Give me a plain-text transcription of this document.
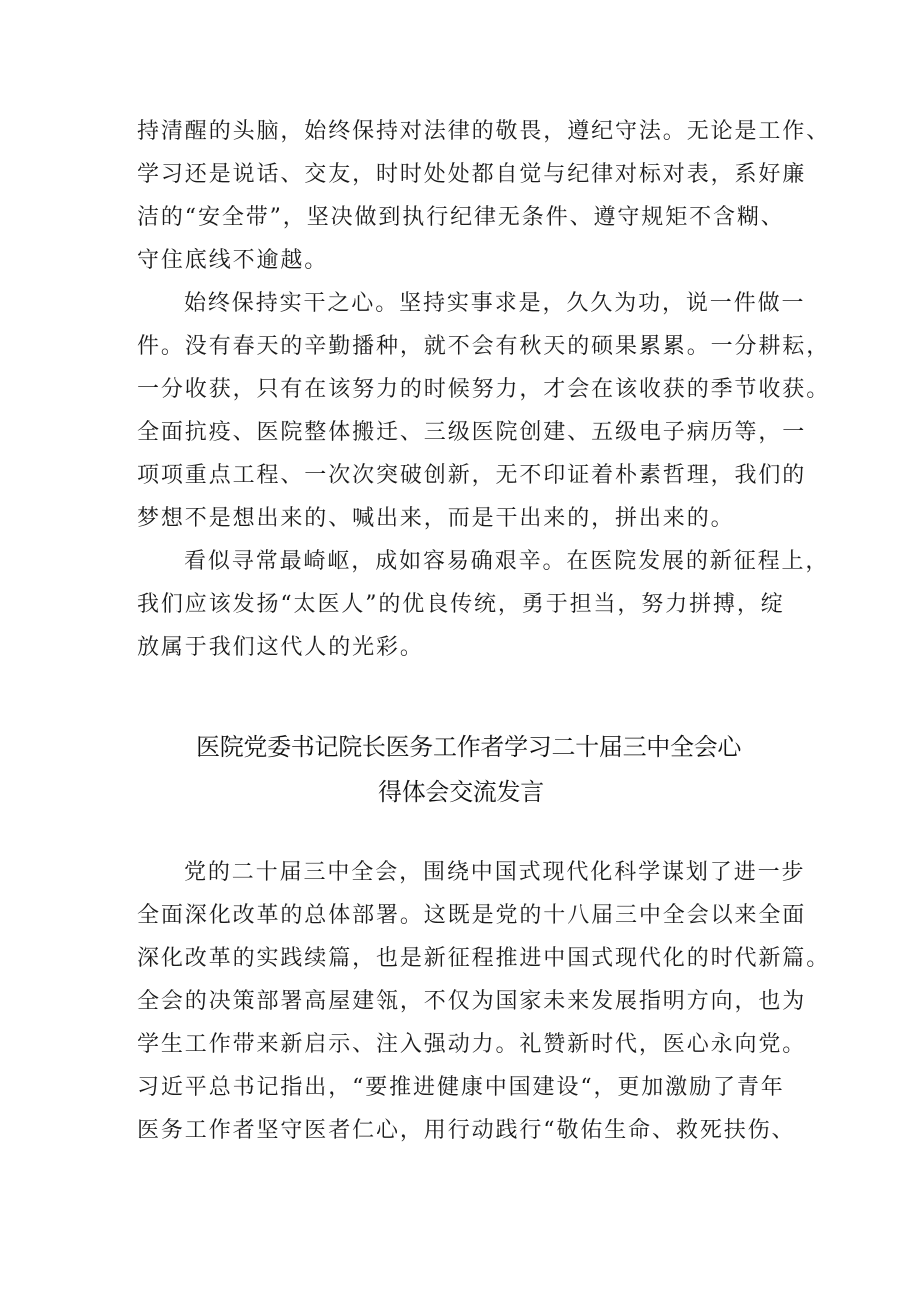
持清醒的头脑，始终保持对法律的敬畏，遵纪守法。无论是工作、
学习还是说话、交友，时时处处都自觉与纪律对标对表，系好廉
洁的“安全带”，坚决做到执行纪律无条件、遵守规矩不含糊、
守住底线不逾越。
始终保持实干之心。坚持实事求是，久久为功，说一件做一
件。没有春天的辛勤播种，就不会有秋天的硕果累累。一分耕耘，
一分收获，只有在该努力的时候努力，才会在该收获的季节收获。
全面抗疫、医院整体搬迁、三级医院创建、五级电子病历等，一
项项重点工程、一次次突破创新，无不印证着朴素哲理，我们的
梦想不是想出来的、喊出来，而是干出来的，拼出来的。
看似寻常最崎岖，成如容易确艰辛。在医院发展的新征程上，
我们应该发扬“太医人”的优良传统，勇于担当，努力拼搏，绽
放属于我们这代人的光彩。
医院党委书记院长医务工作者学习二十届三中全会心
得体会交流发言
党的二十届三中全会，围绕中国式现代化科学谋划了进一步
全面深化改革的总体部署。这既是党的十八届三中全会以来全面
深化改革的实践续篇，也是新征程推进中国式现代化的时代新篇。
全会的决策部署高屋建瓴，不仅为国家未来发展指明方向，也为
学生工作带来新启示、注入强动力。礼赞新时代，医心永向党。
习近平总书记指出，“要推进健康中国建设“，更加激励了青年
医务工作者坚守医者仁心，用行动践行“敬佑生命、救死扶伤、
